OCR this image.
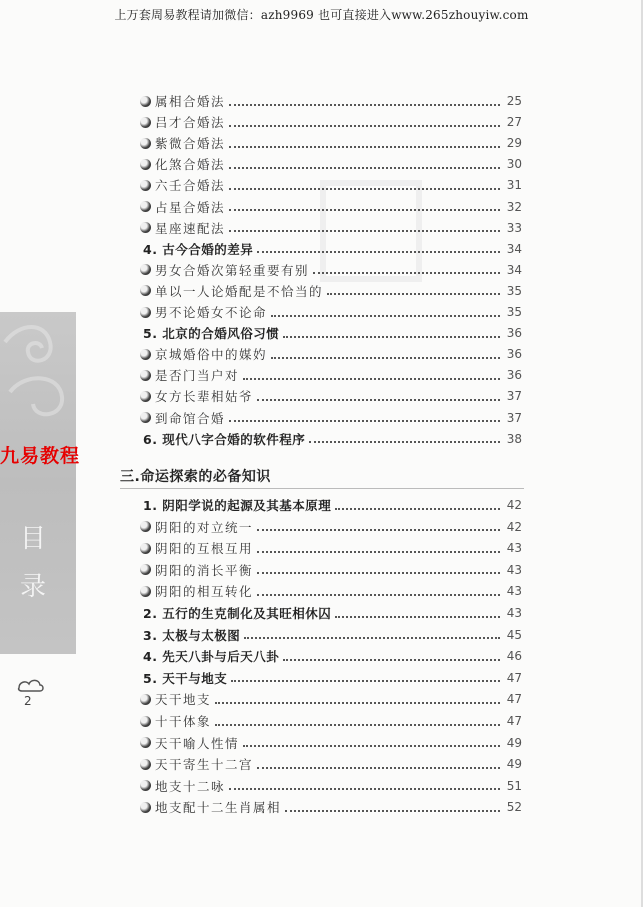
上万套周易教程请加微信：azh9969 也可直接进入www.265zhouyiw.com
九易教程
目
录
2
属相合婚法	25
吕才合婚法	27
紫微合婚法	29
化煞合婚法	30
六壬合婚法	31
占星合婚法	32
星座速配法	33
4. 古今合婚的差异	34
男女合婚次第轻重要有别	34
单以一人论婚配是不恰当的	35
男不论婚女不论命	35
5. 北京的合婚风俗习惯	36
京城婚俗中的媒妁	36
是否门当户对	36
女方长辈相姑爷	37
到命馆合婚	37
6. 现代八字合婚的软件程序	38
1. 阴阳学说的起源及其基本原理	42
阴阳的对立统一	42
阴阳的互根互用	43
阴阳的消长平衡	43
阴阳的相互转化	43
2. 五行的生克制化及其旺相休囚	43
3. 太极与太极图	45
4. 先天八卦与后天八卦	46
5. 天干与地支	47
天干地支	47
十干体象	47
天干喻人性情	49
天干寄生十二宫	49
地支十二咏	51
地支配十二生肖属相	52
三.命运探索的必备知识
